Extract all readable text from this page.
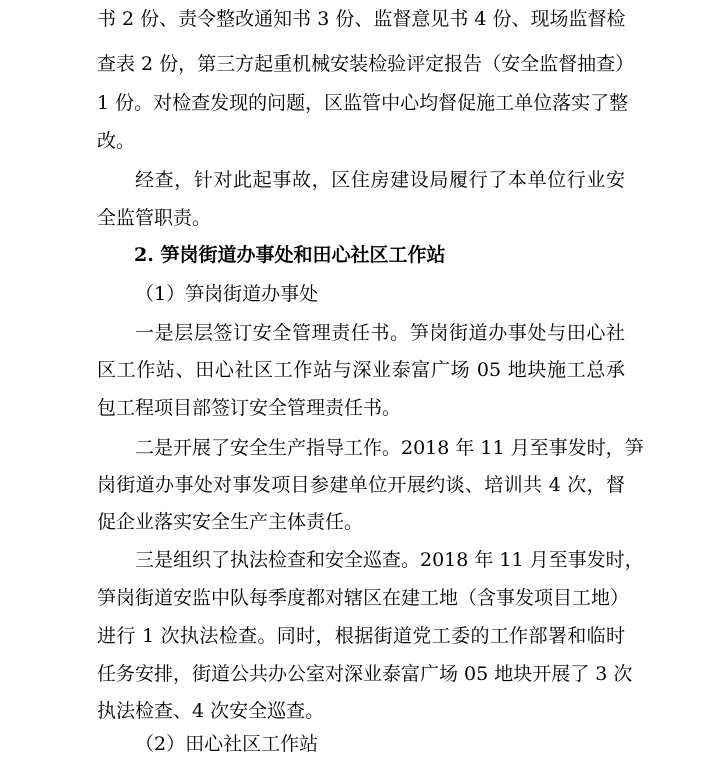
书 2 份、责令整改通知书 3 份、监督意见书 4 份、现场监督检
查表 2 份，第三方起重机械安装检验评定报告（安全监督抽查）
1 份。对检查发现的问题，区监管中心均督促施工单位落实了整
改。
经查，针对此起事故，区住房建设局履行了本单位行业安
全监管职责。
2. 笋岗街道办事处和田心社区工作站
（1）笋岗街道办事处
一是层层签订安全管理责任书。笋岗街道办事处与田心社
区工作站、田心社区工作站与深业泰富广场 05 地块施工总承
包工程项目部签订安全管理责任书。
二是开展了安全生产指导工作。2018 年 11 月至事发时，笋
岗街道办事处对事发项目参建单位开展约谈、培训共 4 次，督
促企业落实安全生产主体责任。
三是组织了执法检查和安全巡查。2018 年 11 月至事发时，
笋岗街道安监中队每季度都对辖区在建工地（含事发项目工地）
进行 1 次执法检查。同时，根据街道党工委的工作部署和临时
任务安排，街道公共办公室对深业泰富广场 05 地块开展了 3 次
执法检查、4 次安全巡查。
（2）田心社区工作站
